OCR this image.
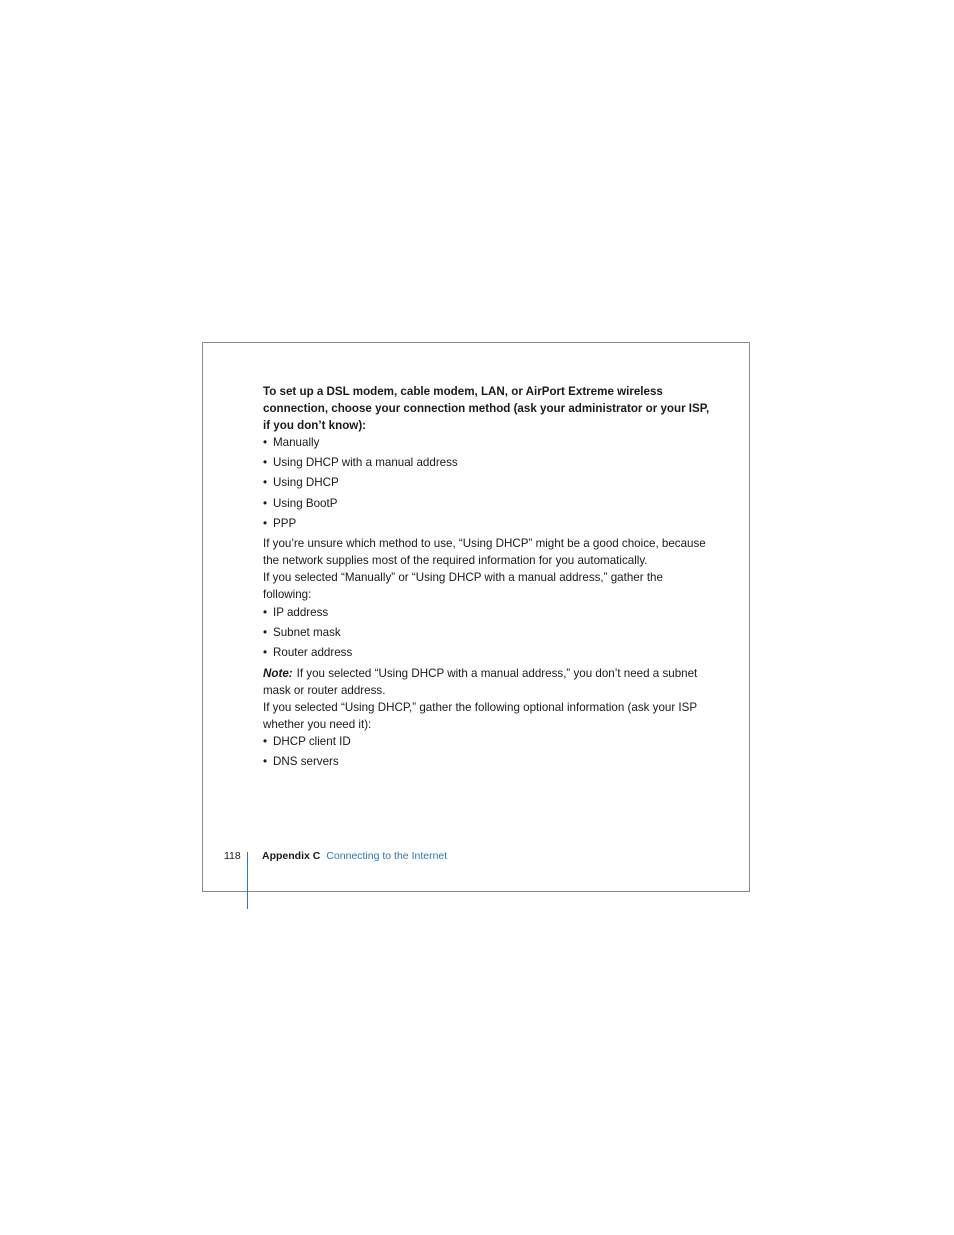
To set up a DSL modem, cable modem, LAN, or AirPort Extreme wireless connection, choose your connection method (ask your administrator or your ISP, if you don’t know):

• Manually
• Using DHCP with a manual address
• Using DHCP
• Using BootP
• PPP

If you’re unsure which method to use, “Using DHCP” might be a good choice, because the network supplies most of the required information for you automatically.

If you selected “Manually” or “Using DHCP with a manual address,” gather the following:

• IP address
• Subnet mask
• Router address

Note: If you selected “Using DHCP with a manual address,” you don’t need a subnet mask or router address.

If you selected “Using DHCP,” gather the following optional information (ask your ISP whether you need it):

• DHCP client ID
• DNS servers
118 Appendix C Connecting to the Internet
